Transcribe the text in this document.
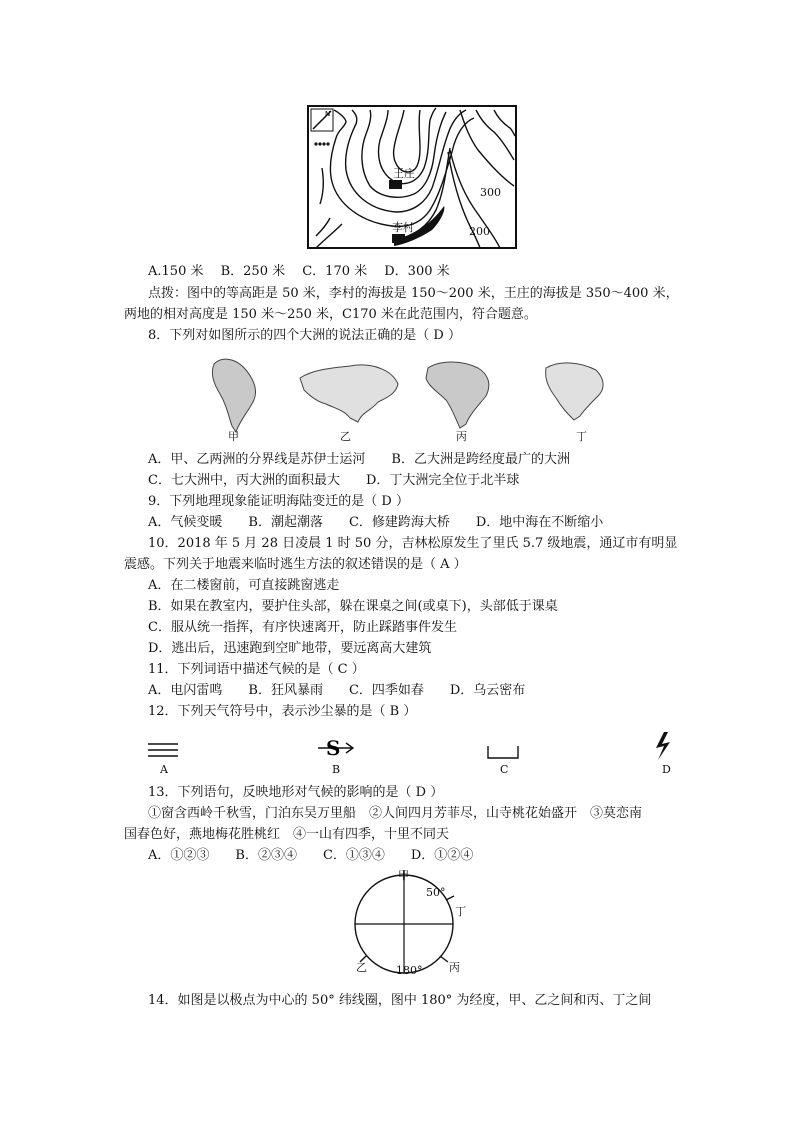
N
王庄
李村
300
200
A.150 米　 B．250 米　 C．170 米　 D．300 米
点拨：图中的等高距是 50 米，李村的海拔是 150～200 米，王庄的海拔是 350～400 米，
两地的相对高度是 150 米～250 米，C170 米在此范围内，符合题意。
8．下列对如图所示的四个大洲的说法正确的是（ D ）
甲	乙	丙	丁
A．甲、乙两洲的分界线是苏伊士运河　　B．乙大洲是跨经度最广的大洲
C．七大洲中，丙大洲的面积最大　　D．丁大洲完全位于北半球
9．下列地理现象能证明海陆变迁的是（ D ）
A．气候变暖　　B．潮起潮落　　C．修建跨海大桥　　D．地中海在不断缩小
10．2018 年 5 月 28 日凌晨 1 时 50 分，吉林松原发生了里氏 5.7 级地震，通辽市有明显
震感。下列关于地震来临时逃生方法的叙述错误的是（ A ）
A．在二楼窗前，可直接跳窗逃走
B．如果在教室内，要护住头部，躲在课桌之间(或桌下)，头部低于课桌
C．服从统一指挥，有序快速离开，防止踩踏事件发生
D．逃出后，迅速跑到空旷地带，要远离高大建筑
11．下列词语中描述气候的是（ C ）
A．电闪雷鸣　　B．狂风暴雨　　C．四季如春　　D．乌云密布
12．下列天气符号中，表示沙尘暴的是（ B ）
S
A	B	C	D
13．下列语句，反映地形对气候的影响的是（ D ）
①窗含西岭千秋雪，门泊东吴万里船　②人间四月芳菲尽，山寺桃花始盛开　③莫恋南
国春色好，燕地梅花胜桃红　④一山有四季，十里不同天
A．①②③　　B．②③④　　C．①③④　　D．①②④
甲
50°
丁
乙	180° 丙
14．如图是以极点为中心的 50° 纬线圈，图中 180° 为经度，甲、乙之间和丙、丁之间
